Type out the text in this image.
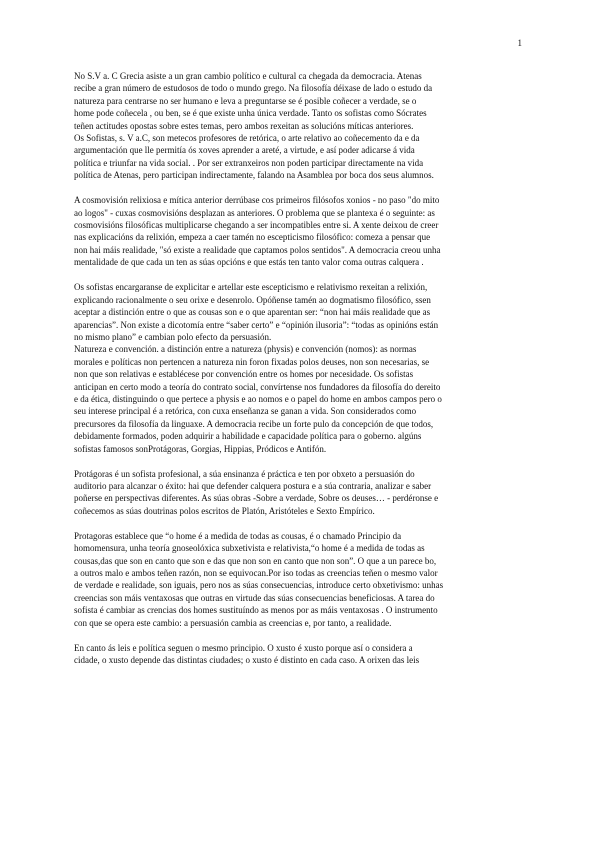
1
No S.V a. C Grecia asiste a un gran cambio político e cultural ca chegada da democracia. Atenas
recibe a gran número de estudosos de todo o mundo grego. Na filosofía déixase de lado o estudo da
natureza para centrarse no ser humano e leva a preguntarse se é posible coñecer a verdade, se o
home pode coñecela , ou ben, se é que existe unha única verdade. Tanto os sofistas como Sócrates
teñen actitudes opostas sobre estes temas, pero ambos rexeitan as solucións míticas anteriores.
Os Sofistas, s. V a.C, son metecos profesores de retórica, o arte relativo ao coñecemento da e da
argumentación que lle permitía ós xoves aprender a areté, a virtude, e así poder adicarse á vida
política e triunfar na vida social. . Por ser extranxeiros non poden participar directamente na vida
política de Atenas, pero participan indirectamente, falando na Asamblea por boca dos seus alumnos.
A cosmovisión relixiosa e mítica anterior derrúbase cos primeiros filósofos xonios - no paso "do mito
ao logos" - cuxas cosmovisións desplazan as anteriores. O problema que se plantexa é o seguinte: as
cosmovisións filosóficas multiplicarse chegando a ser incompatibles entre si. A xente deixou de creer
nas explicacións da relixión, empeza a caer tamén no escepticismo filosófico: comeza a pensar que
non hai máis realidade, "só existe a realidade que captamos polos sentidos". A democracia creou unha
mentalidade de que cada un ten as súas opcións e que estás ten tanto valor coma outras calquera .
Os sofistas encargaranse de explicitar e artellar este escepticismo e relativismo rexeitan a relixión,
explicando racionalmente o seu orixe e desenrolo. Opóñense tamén ao dogmatismo filosófico, ssen
aceptar a distinción entre o que as cousas son e o que aparentan ser: “non hai máis realidade que as
aparencias”. Non existe a dicotomía entre “saber certo” e “opinión ilusoria”: “todas as opinións están
no mismo plano” e cambian polo efecto da persuasión.
Natureza e convención. a distinción entre a natureza (physis) e convención (nomos): as normas
morales e políticas non pertencen a natureza nin foron fixadas polos deuses, non son necesarias, se
non que son relativas e establécese por convención entre os homes por necesidade. Os sofistas
anticipan en certo modo a teoría do contrato social, convírtense nos fundadores da filosofía do dereito
e da ética, distinguindo o que pertece a physis e ao nomos e o papel do home en ambos campos pero o
seu interese principal é a retórica, con cuxa enseñanza se ganan a vida. Son considerados como
precursores da filosofía da linguaxe. A democracia recibe un forte pulo da concepción de que todos,
debidamente formados, poden adquirir a habilidade e capacidade política para o goberno. algúns
sofistas famosos sonProtágoras, Gorgias, Hippias, Pródicos e Antifón.
Protágoras é un sofista profesional, a súa ensinanza é práctica e ten por obxeto a persuasión do
auditorio para alcanzar o éxito: hai que defender calquera postura e a súa contraria, analizar e saber
poñerse en perspectivas diferentes. As súas obras -Sobre a verdade, Sobre os deuses… - perdéronse e
coñecemos as súas doutrinas polos escritos de Platón, Aristóteles e Sexto Empírico.
Protagoras establece que “o home é a medida de todas as cousas, é o chamado Principio da
homomensura, unha teoría gnoseolóxica subxetivista e relativista,“o home é a medida de todas as
cousas,das que son en canto que son e das que non son en canto que non son”. O que a un parece bo,
a outros malo e ambos teñen razón, non se equivocan.Por iso todas as creencias teñen o mesmo valor
de verdade e realidade, son iguais, pero nos as súas consecuencias, introduce certo obxetivismo: unhas
creencias son máis ventaxosas que outras en virtude das súas consecuencias beneficiosas. A tarea do
sofista é cambiar as crencias dos homes sustituíndo as menos por as máis ventaxosas . O instrumento
con que se opera este cambio: a persuasión cambia as creencias e, por tanto, a realidade.
En canto ás leis e política seguen o mesmo principio. O xusto é xusto porque así o considera a
cidade, o xusto depende das distintas ciudades; o xusto é distinto en cada caso. A orixen das leis
